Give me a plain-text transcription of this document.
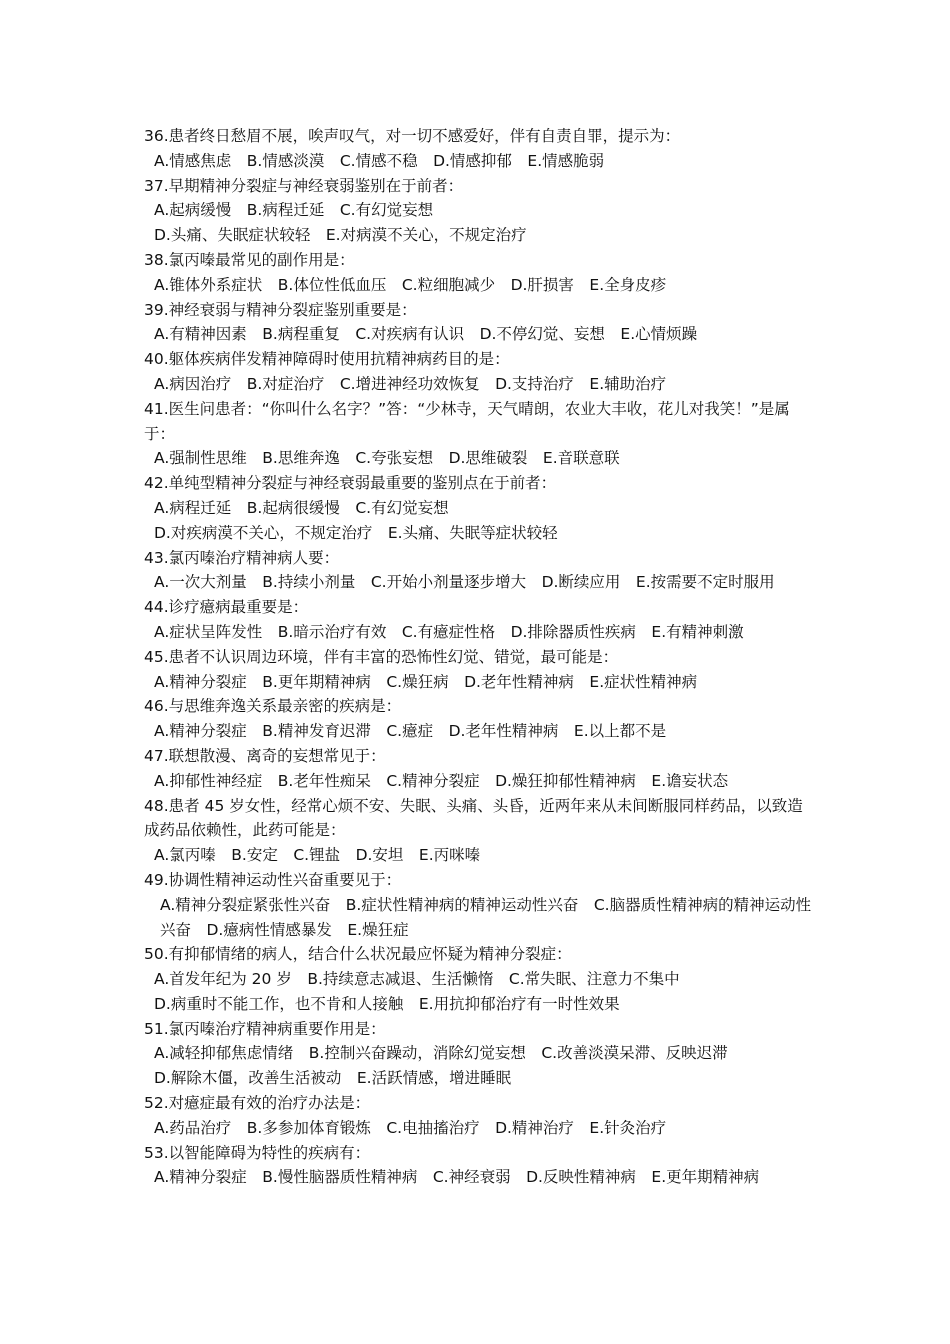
36.患者终日愁眉不展，唉声叹气，对一切不感爱好，伴有自责自罪，提示为：

A.情感焦虑　B.情感淡漠　C.情感不稳　D.情感抑郁　E.情感脆弱

37.早期精神分裂症与神经衰弱鉴别在于前者：

A.起病缓慢　B.病程迁延　C.有幻觉妄想

D.头痛、失眠症状较轻　E.对病漠不关心，不规定治疗

38.氯丙嗪最常见的副作用是：

A.锥体外系症状　B.体位性低血压　C.粒细胞减少　D.肝损害　E.全身皮疹

39.神经衰弱与精神分裂症鉴别重要是：

A.有精神因素　B.病程重复　C.对疾病有认识　D.不停幻觉、妄想　E.心情烦躁

40.躯体疾病伴发精神障碍时使用抗精神病药目的是：

A.病因治疗　B.对症治疗　C.增进神经功效恢复　D.支持治疗　E.辅助治疗

41.医生问患者：“你叫什么名字？”答：“少林寺，天气晴朗，农业大丰收，花儿对我笑！”是属于：

A.强制性思维　B.思维奔逸　C.夸张妄想　D.思维破裂　E.音联意联

42.单纯型精神分裂症与神经衰弱最重要的鉴别点在于前者：

A.病程迁延　B.起病很缓慢　C.有幻觉妄想

D.对疾病漠不关心，不规定治疗　E.头痛、失眠等症状较轻

43.氯丙嗪治疗精神病人要：

A.一次大剂量　B.持续小剂量　C.开始小剂量逐步增大　D.断续应用　E.按需要不定时服用

44.诊疗癔病最重要是：

A.症状呈阵发性　B.暗示治疗有效　C.有癔症性格　D.排除器质性疾病　E.有精神刺激

45.患者不认识周边环境，伴有丰富的恐怖性幻觉、错觉，最可能是：

A.精神分裂症　B.更年期精神病　C.燥狂病　D.老年性精神病　E.症状性精神病

46.与思维奔逸关系最亲密的疾病是：

A.精神分裂症　B.精神发育迟滞　C.癔症　D.老年性精神病　E.以上都不是

47.联想散漫、离奇的妄想常见于：

A.抑郁性神经症　B.老年性痴呆　C.精神分裂症　D.燥狂抑郁性精神病　E.谵妄状态

48.患者 45 岁女性，经常心烦不安、失眠、头痛、头昏，近两年来从未间断服同样药品，以致造成药品依赖性，此药可能是：

A.氯丙嗪　B.安定　C.锂盐　D.安坦　E.丙咪嗪

49.协调性精神运动性兴奋重要见于：

A.精神分裂症紧张性兴奋　B.症状性精神病的精神运动性兴奋　C.脑器质性精神病的精神运动性兴奋　D.癔病性情感暴发　E.燥狂症

50.有抑郁情绪的病人，结合什么状况最应怀疑为精神分裂症：

A.首发年纪为 20 岁　B.持续意志减退、生活懒惰　C.常失眠、注意力不集中

D.病重时不能工作，也不肯和人接触　E.用抗抑郁治疗有一时性效果

51.氯丙嗪治疗精神病重要作用是：

A.减轻抑郁焦虑情绪　B.控制兴奋躁动，消除幻觉妄想　C.改善淡漠呆滞、反映迟滞

D.解除木僵，改善生活被动　E.活跃情感，增进睡眠

52.对癔症最有效的治疗办法是：

A.药品治疗　B.多参加体育锻炼　C.电抽搐治疗　D.精神治疗　E.针灸治疗

53.以智能障碍为特性的疾病有：

A.精神分裂症　B.慢性脑器质性精神病　C.神经衰弱　D.反映性精神病　E.更年期精神病
